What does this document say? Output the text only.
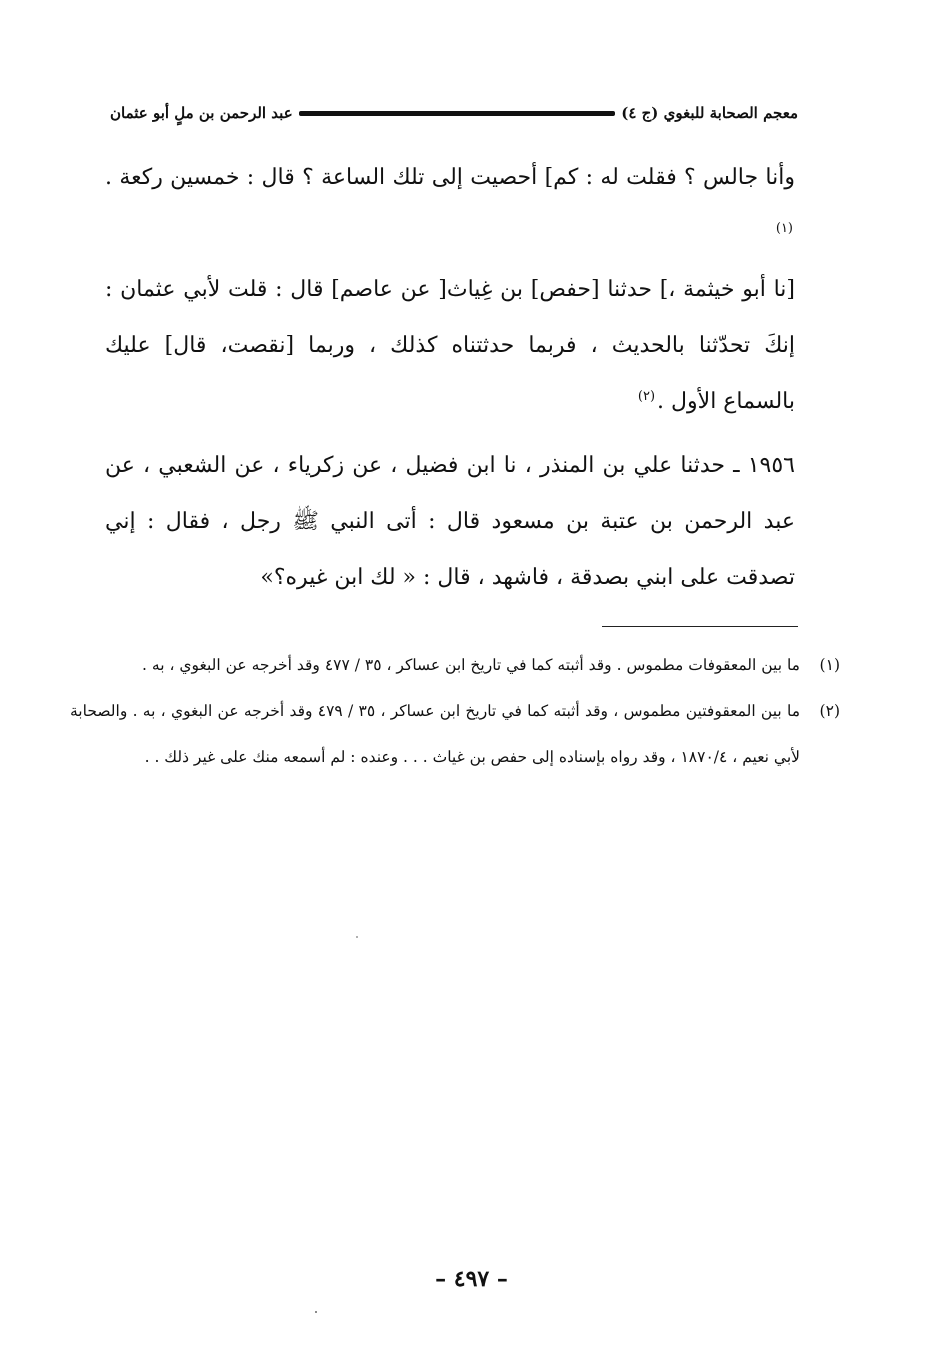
معجم الصحابة للبغوي (ج ٤)
عبد الرحمن بن ملٍ أبو عثمان

وأنا جالس ؟ فقلت له : كم] أحصيت إلى تلك الساعة ؟ قال : خمسين ركعة .$^{(١)}$

[نا أبو خيثمة ،] حدثنا [حفص] بن غِياث[ عن عاصم] قال : قلت لأبي عثمان : إنكَ تحدّثنا بالحديث ، فربما حدثتناه كذلك ، وربما [نقصت، قال] عليك بالسماع الأول .$^{(٢)}$

١٩٥٦ ـ حدثنا علي بن المنذر ، نا ابن فضيل ، عن زكرياء ، عن الشعبي ، عن عبد الرحمن بن عتبة بن مسعود قال : أتى النبي ﷺ رجل ، فقال : إني تصدقت على ابني بصدقة ، فاشهد ، قال : « لك ابن غيره؟»

(١)
ما بين المعقوفات مطموس . وقد أثبته كما في تاريخ ابن عساكر ، ٣٥ / ٤٧٧ وقد أخرجه عن البغوي ، به .
(٢)
ما بين المعقوفتين مطموس ، وقد أثبته كما في تاريخ ابن عساكر ، ٣٥ / ٤٧٩ وقد أخرجه عن البغوي ، به . والصحابة لأبي نعيم ، ١٨٧٠/٤ ، وقد رواه بإسناده إلى حفص بن غياث . . . وعنده : لم أسمعه منك على غير ذلك . .
– ٤٩٧ –
